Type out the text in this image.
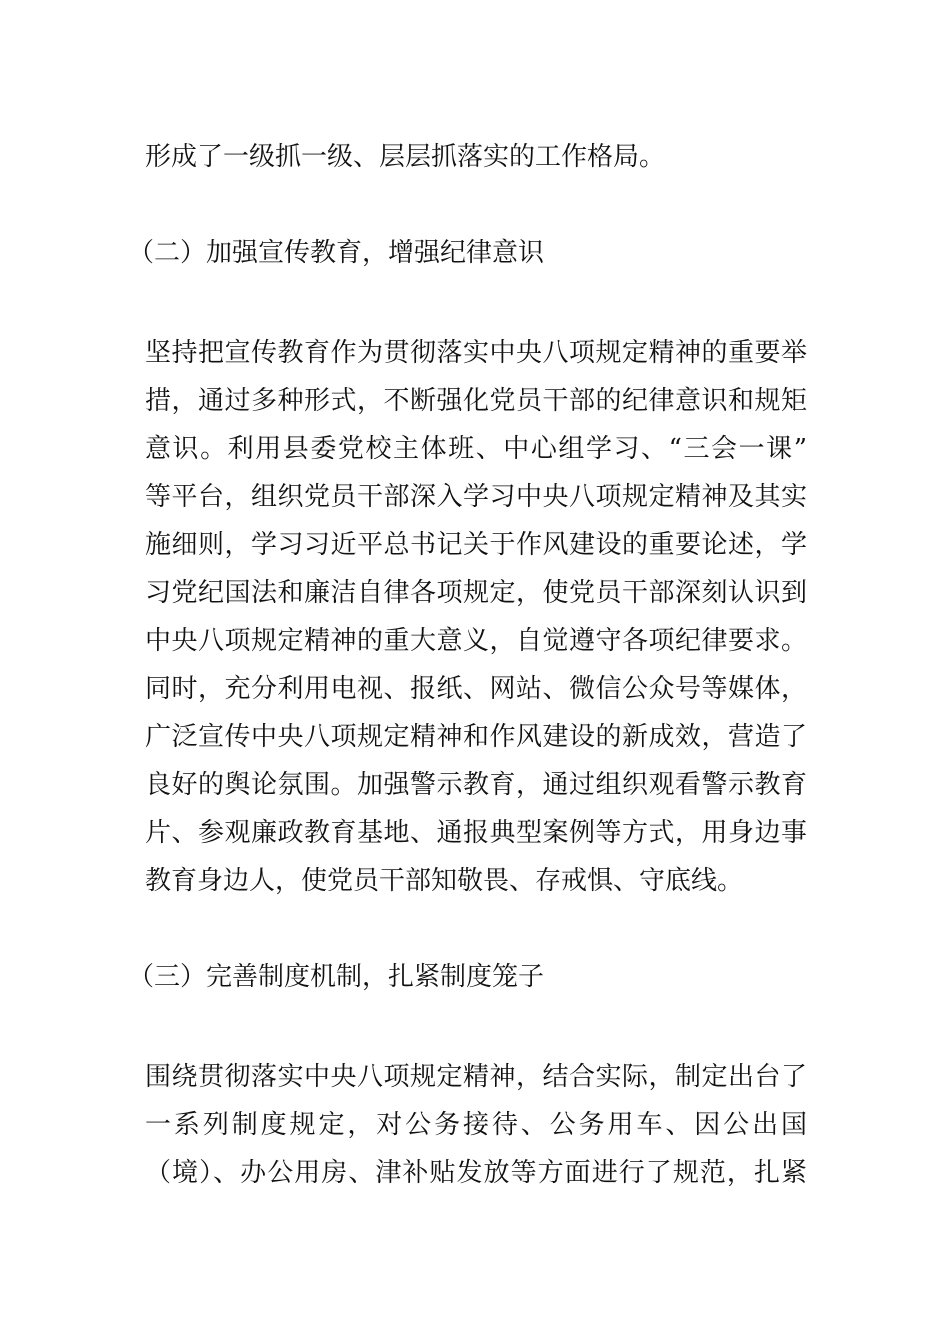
形成了一级抓一级、层层抓落实的工作格局。
（二）加强宣传教育，增强纪律意识
坚持把宣传教育作为贯彻落实中央八项规定精神的重要举
措，通过多种形式，不断强化党员干部的纪律意识和规矩
意识。利用县委党校主体班、中心组学习、“三会一课”
等平台，组织党员干部深入学习中央八项规定精神及其实
施细则，学习习近平总书记关于作风建设的重要论述，学
习党纪国法和廉洁自律各项规定，使党员干部深刻认识到
中央八项规定精神的重大意义，自觉遵守各项纪律要求。
同时，充分利用电视、报纸、网站、微信公众号等媒体，
广泛宣传中央八项规定精神和作风建设的新成效，营造了
良好的舆论氛围。加强警示教育，通过组织观看警示教育
片、参观廉政教育基地、通报典型案例等方式，用身边事
教育身边人，使党员干部知敬畏、存戒惧、守底线。
（三）完善制度机制，扎紧制度笼子
围绕贯彻落实中央八项规定精神，结合实际，制定出台了
一系列制度规定，对公务接待、公务用车、因公出国
（境）、办公用房、津补贴发放等方面进行了规范，扎紧
